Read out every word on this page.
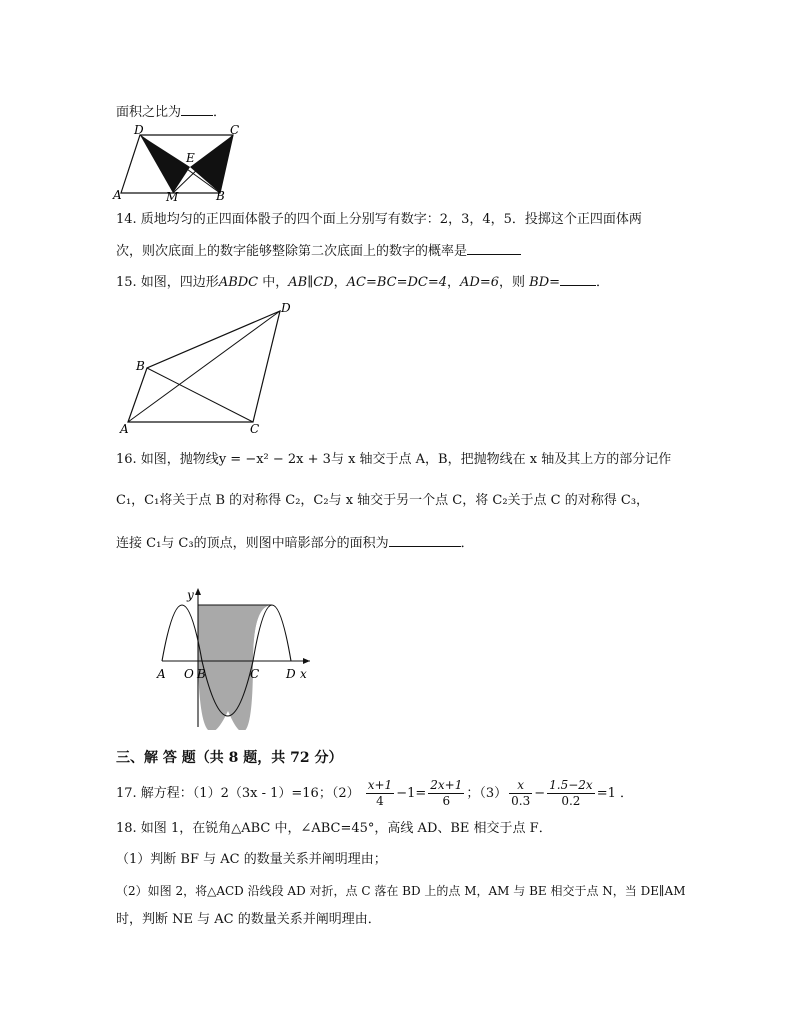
面积之比为 ．
D	C
E
A	M	B
14. 质地均匀的正四面体骰子的四个面上分别写有数字：2，3，4，5．投掷这个正四面体两
次，则次底面上的数字能够整除第二次底面上的数字的概率是
15. 如图，四边形ABDC 中，AB∥CD，AC=BC=DC=4，AD=6，则 BD=	．
D
B
A	C
16. 如图，抛物线y = −x² − 2x + 3与 x 轴交于点 A，B，把抛物线在 x 轴及其上方的部分记作
C₁，C₁将关于点 B 的对称得 C₂，C₂与 x 轴交于另一个点 C，将 C₂关于点 C 的对称得 C₃，
连接 C₁与 C₃的顶点，则图中暗影部分的面积为	．
y
A O B	C D x
三、解 答 题（共 8 题，共 72 分）
17. 解方程：（1）2（3x - 1）=16；$(2) \frac{x+1}{4} -1= \frac{2x+1}{6}$ ；$(3) \frac{x}{0.3} - \frac{1.5-2x}{0.2} =1$ ．
18. 如图 1，在锐角△ABC 中，∠ABC=45°，高线 AD、BE 相交于点 F．
（1）判断 BF 与 AC 的数量关系并阐明理由；
（2）如图 2，将△ACD 沿线段 AD 对折，点 C 落在 BD 上的点 M，AM 与 BE 相交于点 N，当 DE∥AM
时，判断 NE 与 AC 的数量关系并阐明理由．
